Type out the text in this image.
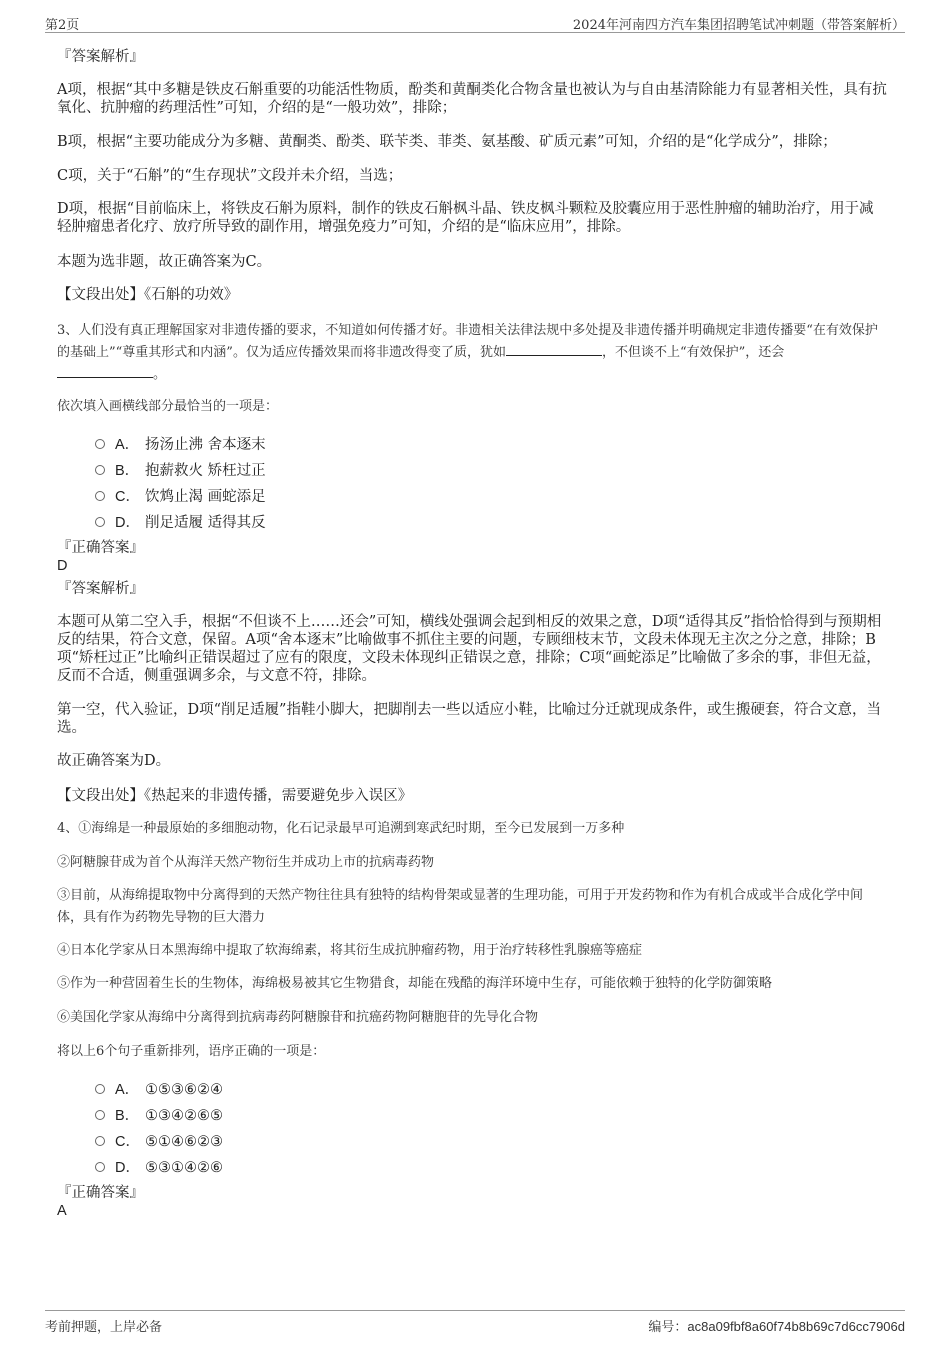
第2页	2024年河南四方汽车集团招聘笔试冲刺题（带答案解析）

『答案解析』

A项，根据“其中多糖是铁皮石斛重要的功能活性物质，酚类和黄酮类化合物含量也被认为与自由基清除能力有显著相关性，具有抗氧化、抗肿瘤的药理活性”可知，介绍的是“一般功效”，排除；

B项，根据“主要功能成分为多糖、黄酮类、酚类、联苄类、菲类、氨基酸、矿质元素”可知，介绍的是“化学成分”，排除；

C项，关于“石斛”的“生存现状”文段并未介绍，当选；

D项，根据“目前临床上，将铁皮石斛为原料，制作的铁皮石斛枫斗晶、铁皮枫斗颗粒及胶囊应用于恶性肿瘤的辅助治疗，用于减轻肿瘤患者化疗、放疗所导致的副作用，增强免疫力”可知，介绍的是“临床应用”，排除。

本题为选非题，故正确答案为C。

【文段出处】《石斛的功效》

3、人们没有真正理解国家对非遗传播的要求，不知道如何传播才好。非遗相关法律法规中多处提及非遗传播并明确规定非遗传播要“在有效保护的基础上”“尊重其形式和内涵”。仅为适应传播效果而将非遗改得变了质，犹如	，不但谈不上“有效保护”，还会
。

依次填入画横线部分最恰当的一项是：

A． 扬汤止沸 舍本逐末
B． 抱薪救火 矫枉过正
C． 饮鸩止渴 画蛇添足
D． 削足适履 适得其反

『正确答案』

D

『答案解析』

本题可从第二空入手，根据“不但谈不上……还会”可知，横线处强调会起到相反的效果之意，D项“适得其反”指恰恰得到与预期相反的结果，符合文意，保留。A项“舍本逐末”比喻做事不抓住主要的问题，专顾细枝末节，文段未体现无主次之分之意，排除；B项“矫枉过正”比喻纠正错误超过了应有的限度，文段未体现纠正错误之意，排除；C项“画蛇添足”比喻做了多余的事，非但无益，反而不合适，侧重强调多余，与文意不符，排除。

第一空，代入验证，D项“削足适履”指鞋小脚大，把脚削去一些以适应小鞋，比喻过分迁就现成条件，或生搬硬套，符合文意，当选。

故正确答案为D。

【文段出处】《热起来的非遗传播，需要避免步入误区》

4、①海绵是一种最原始的多细胞动物，化石记录最早可追溯到寒武纪时期，至今已发展到一万多种

②阿糖腺苷成为首个从海洋天然产物衍生并成功上市的抗病毒药物

③目前，从海绵提取物中分离得到的天然产物往往具有独特的结构骨架或显著的生理功能，可用于开发药物和作为有机合成或半合成化学中间体，具有作为药物先导物的巨大潜力

④日本化学家从日本黑海绵中提取了软海绵素，将其衍生成抗肿瘤药物，用于治疗转移性乳腺癌等癌症

⑤作为一种营固着生长的生物体，海绵极易被其它生物猎食，却能在残酷的海洋环境中生存，可能依赖于独特的化学防御策略

⑥美国化学家从海绵中分离得到抗病毒药阿糖腺苷和抗癌药物阿糖胞苷的先导化合物

将以上6个句子重新排列，语序正确的一项是：

A． ①⑤③⑥②④
B． ①③④②⑥⑤
C． ⑤①④⑥②③
D． ⑤③①④②⑥

『正确答案』

A

考前押题，上岸必备	编号：ac8a09fbf8a60f74b8b69c7d6cc7906d
